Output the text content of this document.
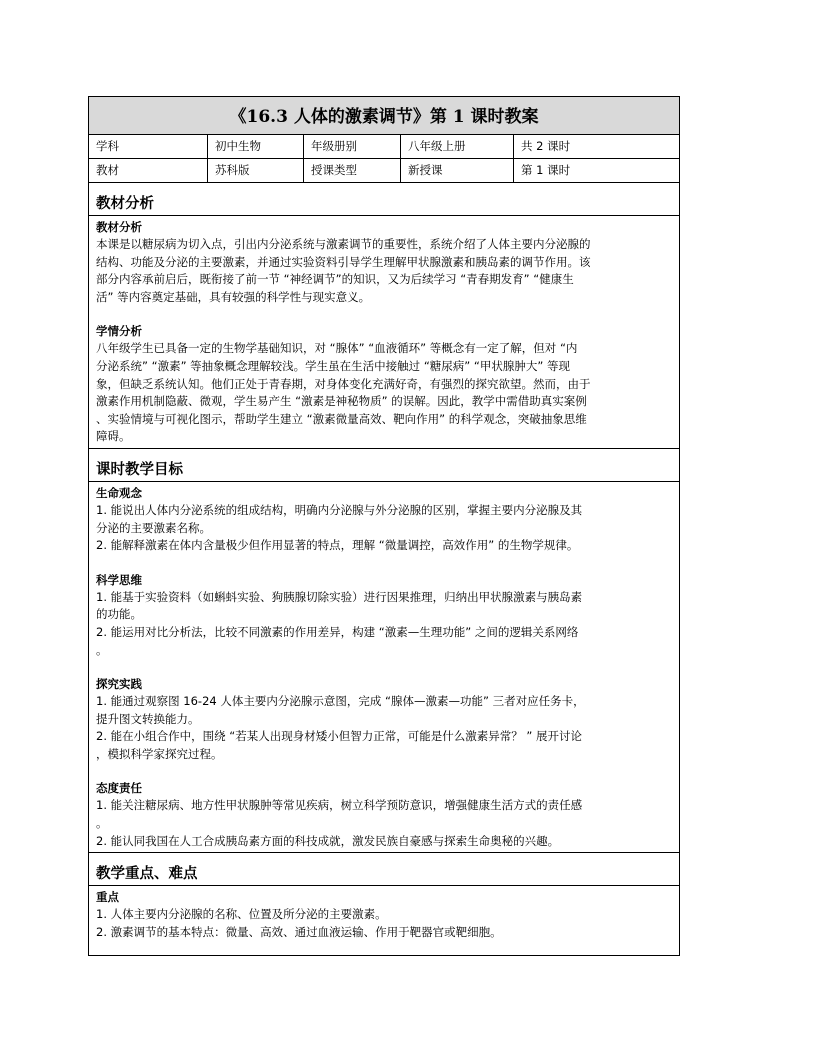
《16.3 人体的激素调节》第 1 课时教案
学科	初中生物	年级册别	八年级上册	共 2 课时
教材	苏科版	授课类型	新授课	第 1 课时
教材分析
教材分析

本课是以糖尿病为切入点，引出内分泌系统与激素调节的重要性，系统介绍了人体主要内分泌腺的

结构、功能及分泌的主要激素，并通过实验资料引导学生理解甲状腺激素和胰岛素的调节作用。该

部分内容承前启后，既衔接了前一节 “神经调节”的知识，又为后续学习 “青春期发育” “健康生

活” 等内容奠定基础，具有较强的科学性与现实意义。

学情分析

八年级学生已具备一定的生物学基础知识，对 “腺体” “血液循环” 等概念有一定了解，但对 “内

分泌系统” “激素” 等抽象概念理解较浅。学生虽在生活中接触过 “糖尿病” “甲状腺肿大” 等现

象，但缺乏系统认知。他们正处于青春期，对身体变化充满好奇，有强烈的探究欲望。然而，由于

激素作用机制隐蔽、微观，学生易产生 “激素是神秘物质” 的误解。因此，教学中需借助真实案例

、实验情境与可视化图示，帮助学生建立 “激素微量高效、靶向作用” 的科学观念，突破抽象思维

障碍。

课时教学目标
生命观念

1. 能说出人体内分泌系统的组成结构，明确内分泌腺与外分泌腺的区别，掌握主要内分泌腺及其

分泌的主要激素名称。

2. 能解释激素在体内含量极少但作用显著的特点，理解 “微量调控，高效作用” 的生物学规律。

科学思维

1. 能基于实验资料（如蝌蚪实验、狗胰腺切除实验）进行因果推理，归纳出甲状腺激素与胰岛素

的功能。

2. 能运用对比分析法，比较不同激素的作用差异，构建 “激素—生理功能” 之间的逻辑关系网络

。

探究实践

1. 能通过观察图 16-24 人体主要内分泌腺示意图，完成 “腺体—激素—功能” 三者对应任务卡，

提升图文转换能力。

2. 能在小组合作中，围绕 “若某人出现身材矮小但智力正常，可能是什么激素异常？ ” 展开讨论

，模拟科学家探究过程。

态度责任

1. 能关注糖尿病、地方性甲状腺肿等常见疾病，树立科学预防意识，增强健康生活方式的责任感

。

2. 能认同我国在人工合成胰岛素方面的科技成就，激发民族自豪感与探索生命奥秘的兴趣。

教学重点、难点
重点

1. 人体主要内分泌腺的名称、位置及所分泌的主要激素。

2. 激素调节的基本特点：微量、高效、通过血液运输、作用于靶器官或靶细胞。
